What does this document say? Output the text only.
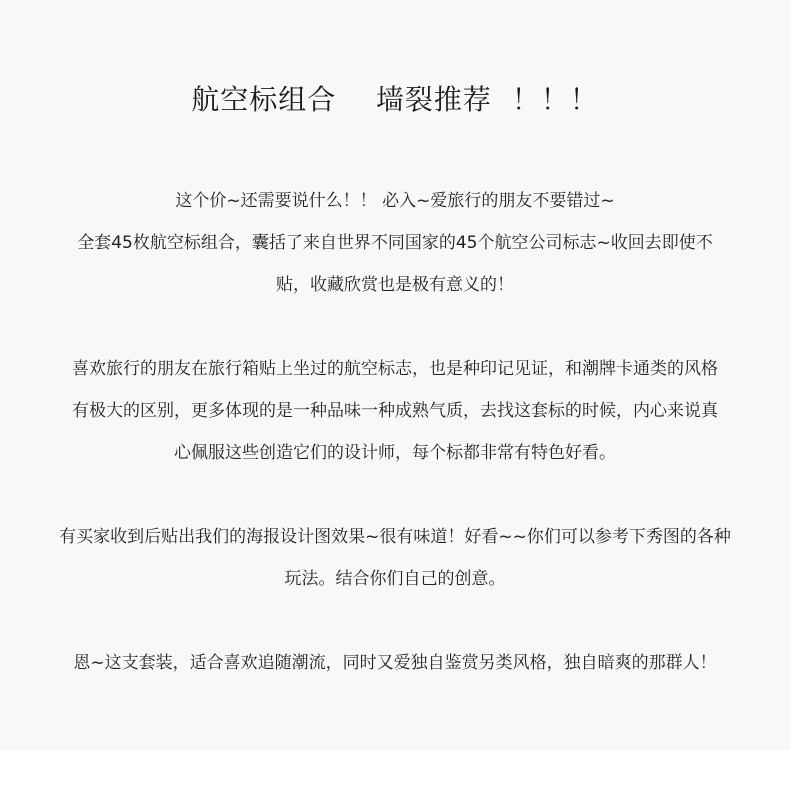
航空标组合    墙裂推荐  ！！！
这个价~还需要说什么！！ 必入~爱旅行的朋友不要错过~
全套45枚航空标组合，囊括了来自世界不同国家的45个航空公司标志~收回去即使不
贴，收藏欣赏也是极有意义的！
喜欢旅行的朋友在旅行箱贴上坐过的航空标志，也是种印记见证，和潮牌卡通类的风格
有极大的区别，更多体现的是一种品味一种成熟气质，去找这套标的时候，内心来说真
心佩服这些创造它们的设计师，每个标都非常有特色好看。
有买家收到后贴出我们的海报设计图效果~很有味道！好看~~你们可以参考下秀图的各种
玩法。结合你们自己的创意。
恩~这支套装，适合喜欢追随潮流，同时又爱独自鉴赏另类风格，独自暗爽的那群人！
